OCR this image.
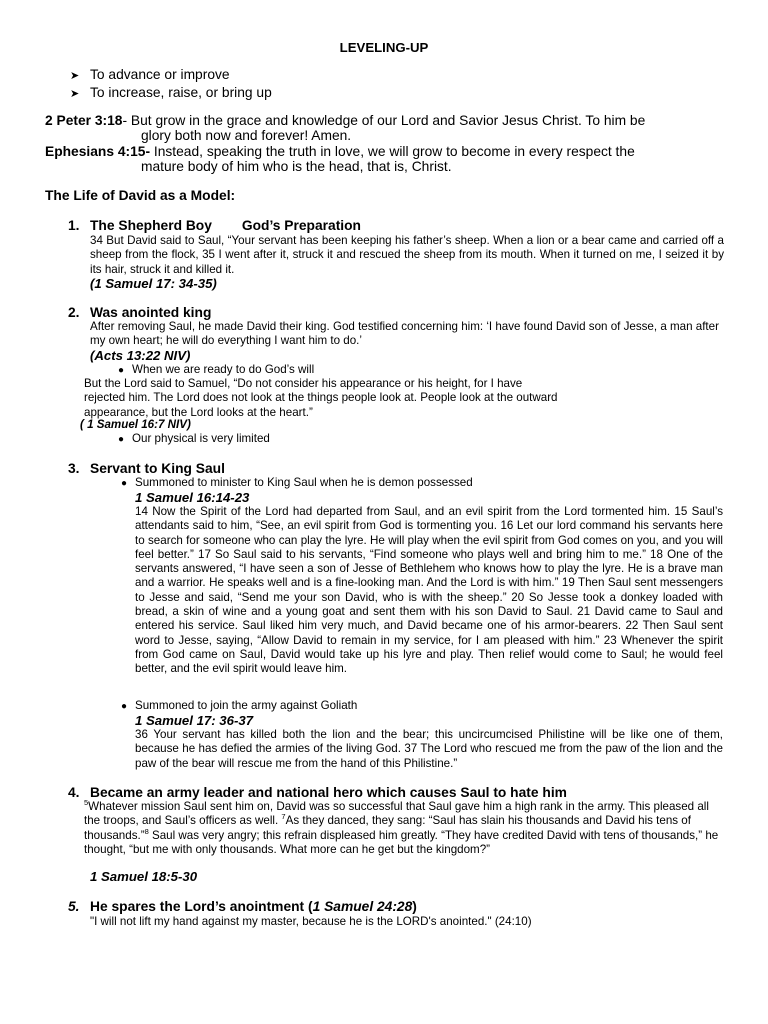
LEVELING-UP
➤ To advance or improve
➤ To increase, raise, or bring up
2 Peter 3:18- But grow in the grace and knowledge of our Lord and Savior Jesus Christ. To him be
glory both now and forever! Amen.
Ephesians 4:15- Instead, speaking the truth in love, we will grow to become in every respect the
mature body of him who is the head, that is, Christ.
The Life of David as a Model:
1. The Shepherd Boy God’s Preparation
34 But David said to Saul, “Your servant has been keeping his father’s sheep. When a lion or a bear came and carried off a sheep from the flock, 35 I went after it, struck it and rescued the sheep from its mouth. When it turned on me, I seized it by its hair, struck it and killed it.
(1 Samuel 17: 34-35)
2. Was anointed king
After removing Saul, he made David their king. God testified concerning him: ‘I have found David son of Jesse, a man after my own heart; he will do everything I want him to do.’
(Acts 13:22 NIV)
● When we are ready to do God’s will
But the Lord said to Samuel, “Do not consider his appearance or his height, for I have
rejected him. The Lord does not look at the things people look at. People look at the outward
appearance, but the Lord looks at the heart.”
( 1 Samuel 16:7 NIV)
● Our physical is very limited
3. Servant to King Saul
● Summoned to minister to King Saul when he is demon possessed
1 Samuel 16:14-23
14 Now the Spirit of the Lord had departed from Saul, and an evil spirit from the Lord tormented him. 15 Saul’s attendants said to him, “See, an evil spirit from God is tormenting you. 16 Let our lord command his servants here to search for someone who can play the lyre. He will play when the evil spirit from God comes on you, and you will feel better.” 17 So Saul said to his servants, “Find someone who plays well and bring him to me.” 18 One of the servants answered, “I have seen a son of Jesse of Bethlehem who knows how to play the lyre. He is a brave man and a warrior. He speaks well and is a fine-looking man. And the Lord is with him.” 19 Then Saul sent messengers to Jesse and said, “Send me your son David, who is with the sheep.” 20 So Jesse took a donkey loaded with bread, a skin of wine and a young goat and sent them with his son David to Saul. 21 David came to Saul and entered his service. Saul liked him very much, and David became one of his armor-bearers. 22 Then Saul sent word to Jesse, saying, “Allow David to remain in my service, for I am pleased with him.” 23 Whenever the spirit from God came on Saul, David would take up his lyre and play. Then relief would come to Saul; he would feel better, and the evil spirit would leave him.
● Summoned to join the army against Goliath
1 Samuel 17: 36-37
36 Your servant has killed both the lion and the bear; this uncircumcised Philistine will be like one of them, because he has defied the armies of the living God. 37 The Lord who rescued me from the paw of the lion and the paw of the bear will rescue me from the hand of this Philistine.”
4. Became an army leader and national hero which causes Saul to hate him
$^5$Whatever mission Saul sent him on, David was so successful that Saul gave him a high rank in the army. This pleased all the troops, and Saul’s officers as well. $^7$As they danced, they sang: “Saul has slain his thousands and David his tens of thousands.”$^8$ Saul was very angry; this refrain displeased him greatly. “They have credited David with tens of thousands,” he thought, “but me with only thousands. What more can he get but the kingdom?”
1 Samuel 18:5-30
5. He spares the Lord’s anointment (1 Samuel 24:28)
"I will not lift my hand against my master, because he is the LORD's anointed." (24:10)
